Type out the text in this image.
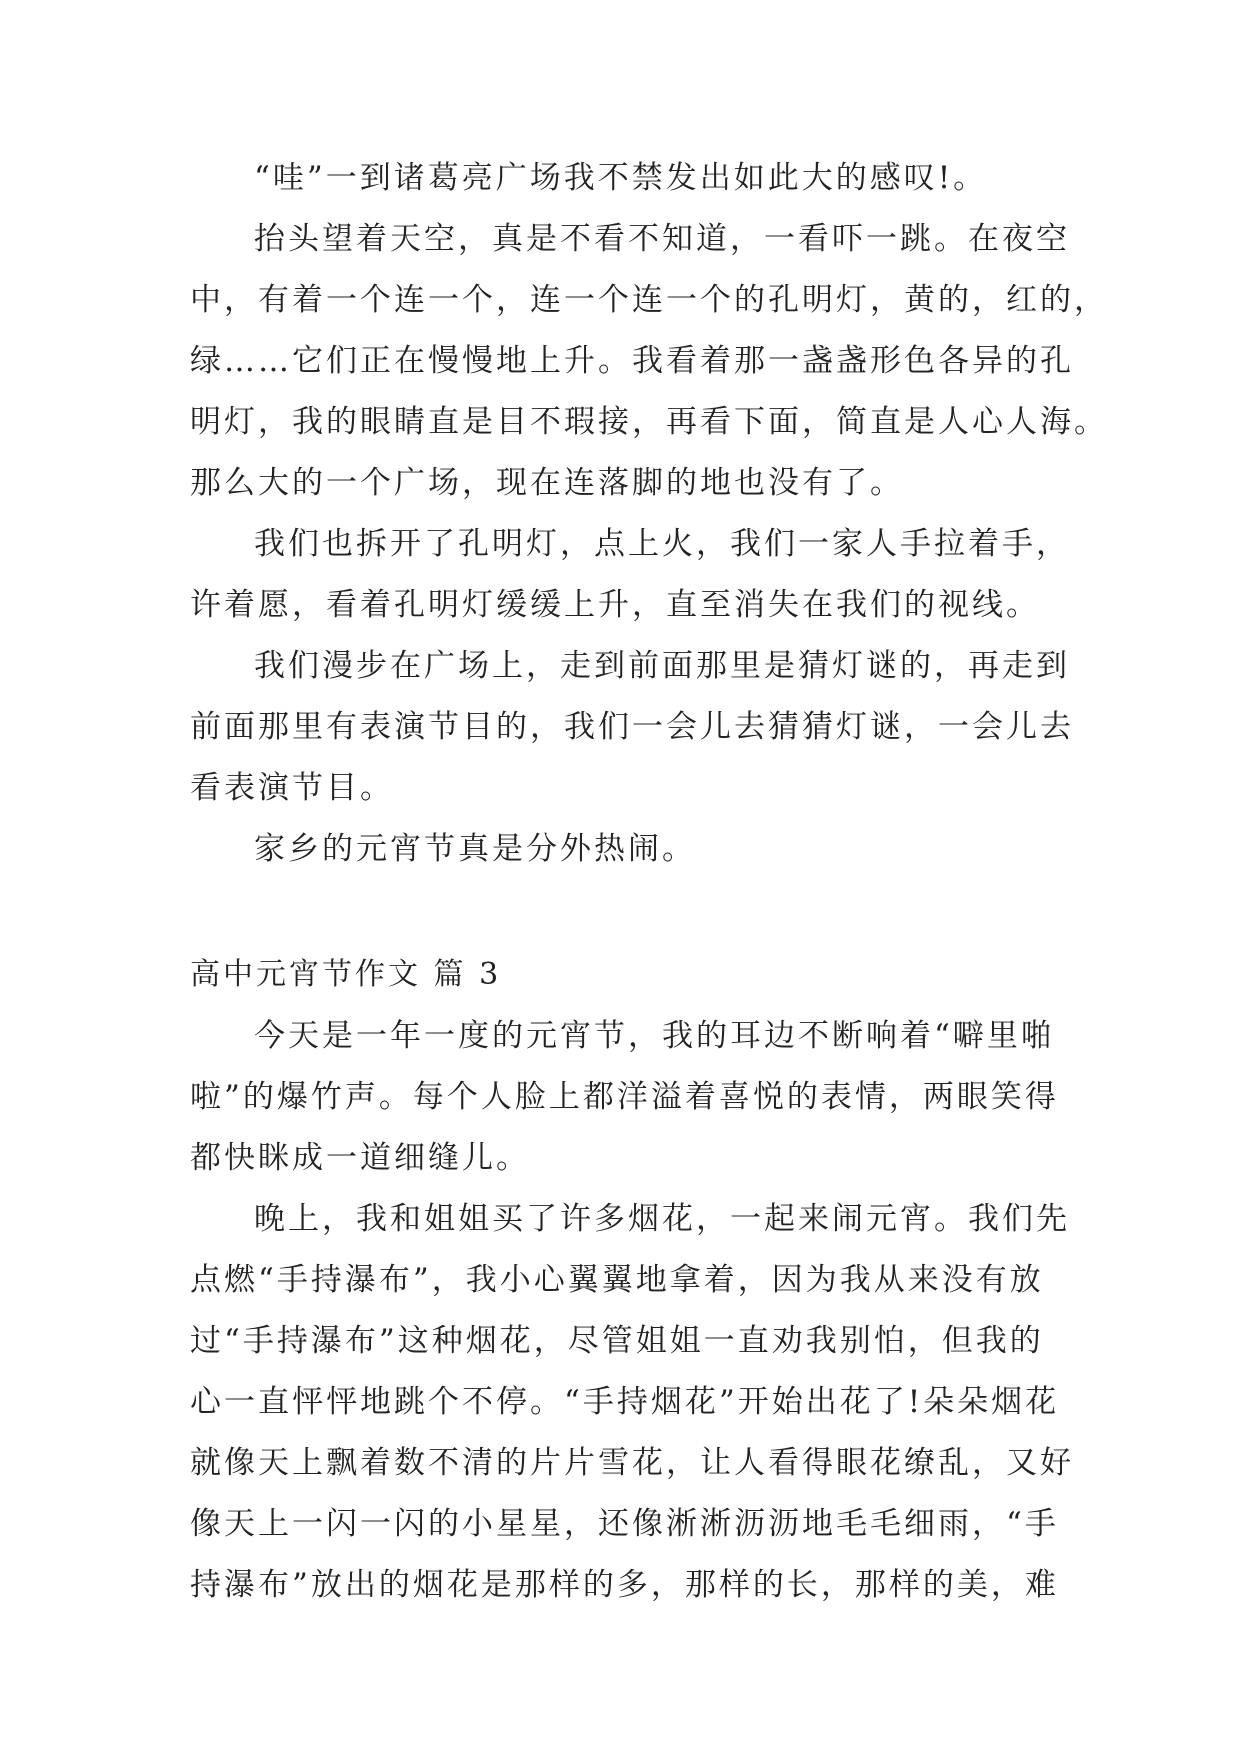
“哇”一到诸葛亮广场我不禁发出如此大的感叹!。
抬头望着天空，真是不看不知道，一看吓一跳。在夜空
中，有着一个连一个，连一个连一个的孔明灯，黄的，红的，
绿……它们正在慢慢地上升。我看着那一盏盏形色各异的孔
明灯，我的眼睛直是目不瑕接，再看下面，简直是人心人海。
那么大的一个广场，现在连落脚的地也没有了。
我们也拆开了孔明灯，点上火，我们一家人手拉着手，
许着愿，看着孔明灯缓缓上升，直至消失在我们的视线。
我们漫步在广场上，走到前面那里是猜灯谜的，再走到
前面那里有表演节目的，我们一会儿去猜猜灯谜，一会儿去
看表演节目。
家乡的元宵节真是分外热闹。
高中元宵节作文 篇 3
今天是一年一度的元宵节，我的耳边不断响着“噼里啪
啦”的爆竹声。每个人脸上都洋溢着喜悦的表情，两眼笑得
都快眯成一道细缝儿。
晚上，我和姐姐买了许多烟花，一起来闹元宵。我们先
点燃“手持瀑布”，我小心翼翼地拿着，因为我从来没有放
过“手持瀑布”这种烟花，尽管姐姐一直劝我别怕，但我的
心一直怦怦地跳个不停。“手持烟花”开始出花了!朵朵烟花
就像天上飘着数不清的片片雪花，让人看得眼花缭乱，又好
像天上一闪一闪的小星星，还像淅淅沥沥地毛毛细雨，“手
持瀑布”放出的烟花是那样的多，那样的长，那样的美，难
